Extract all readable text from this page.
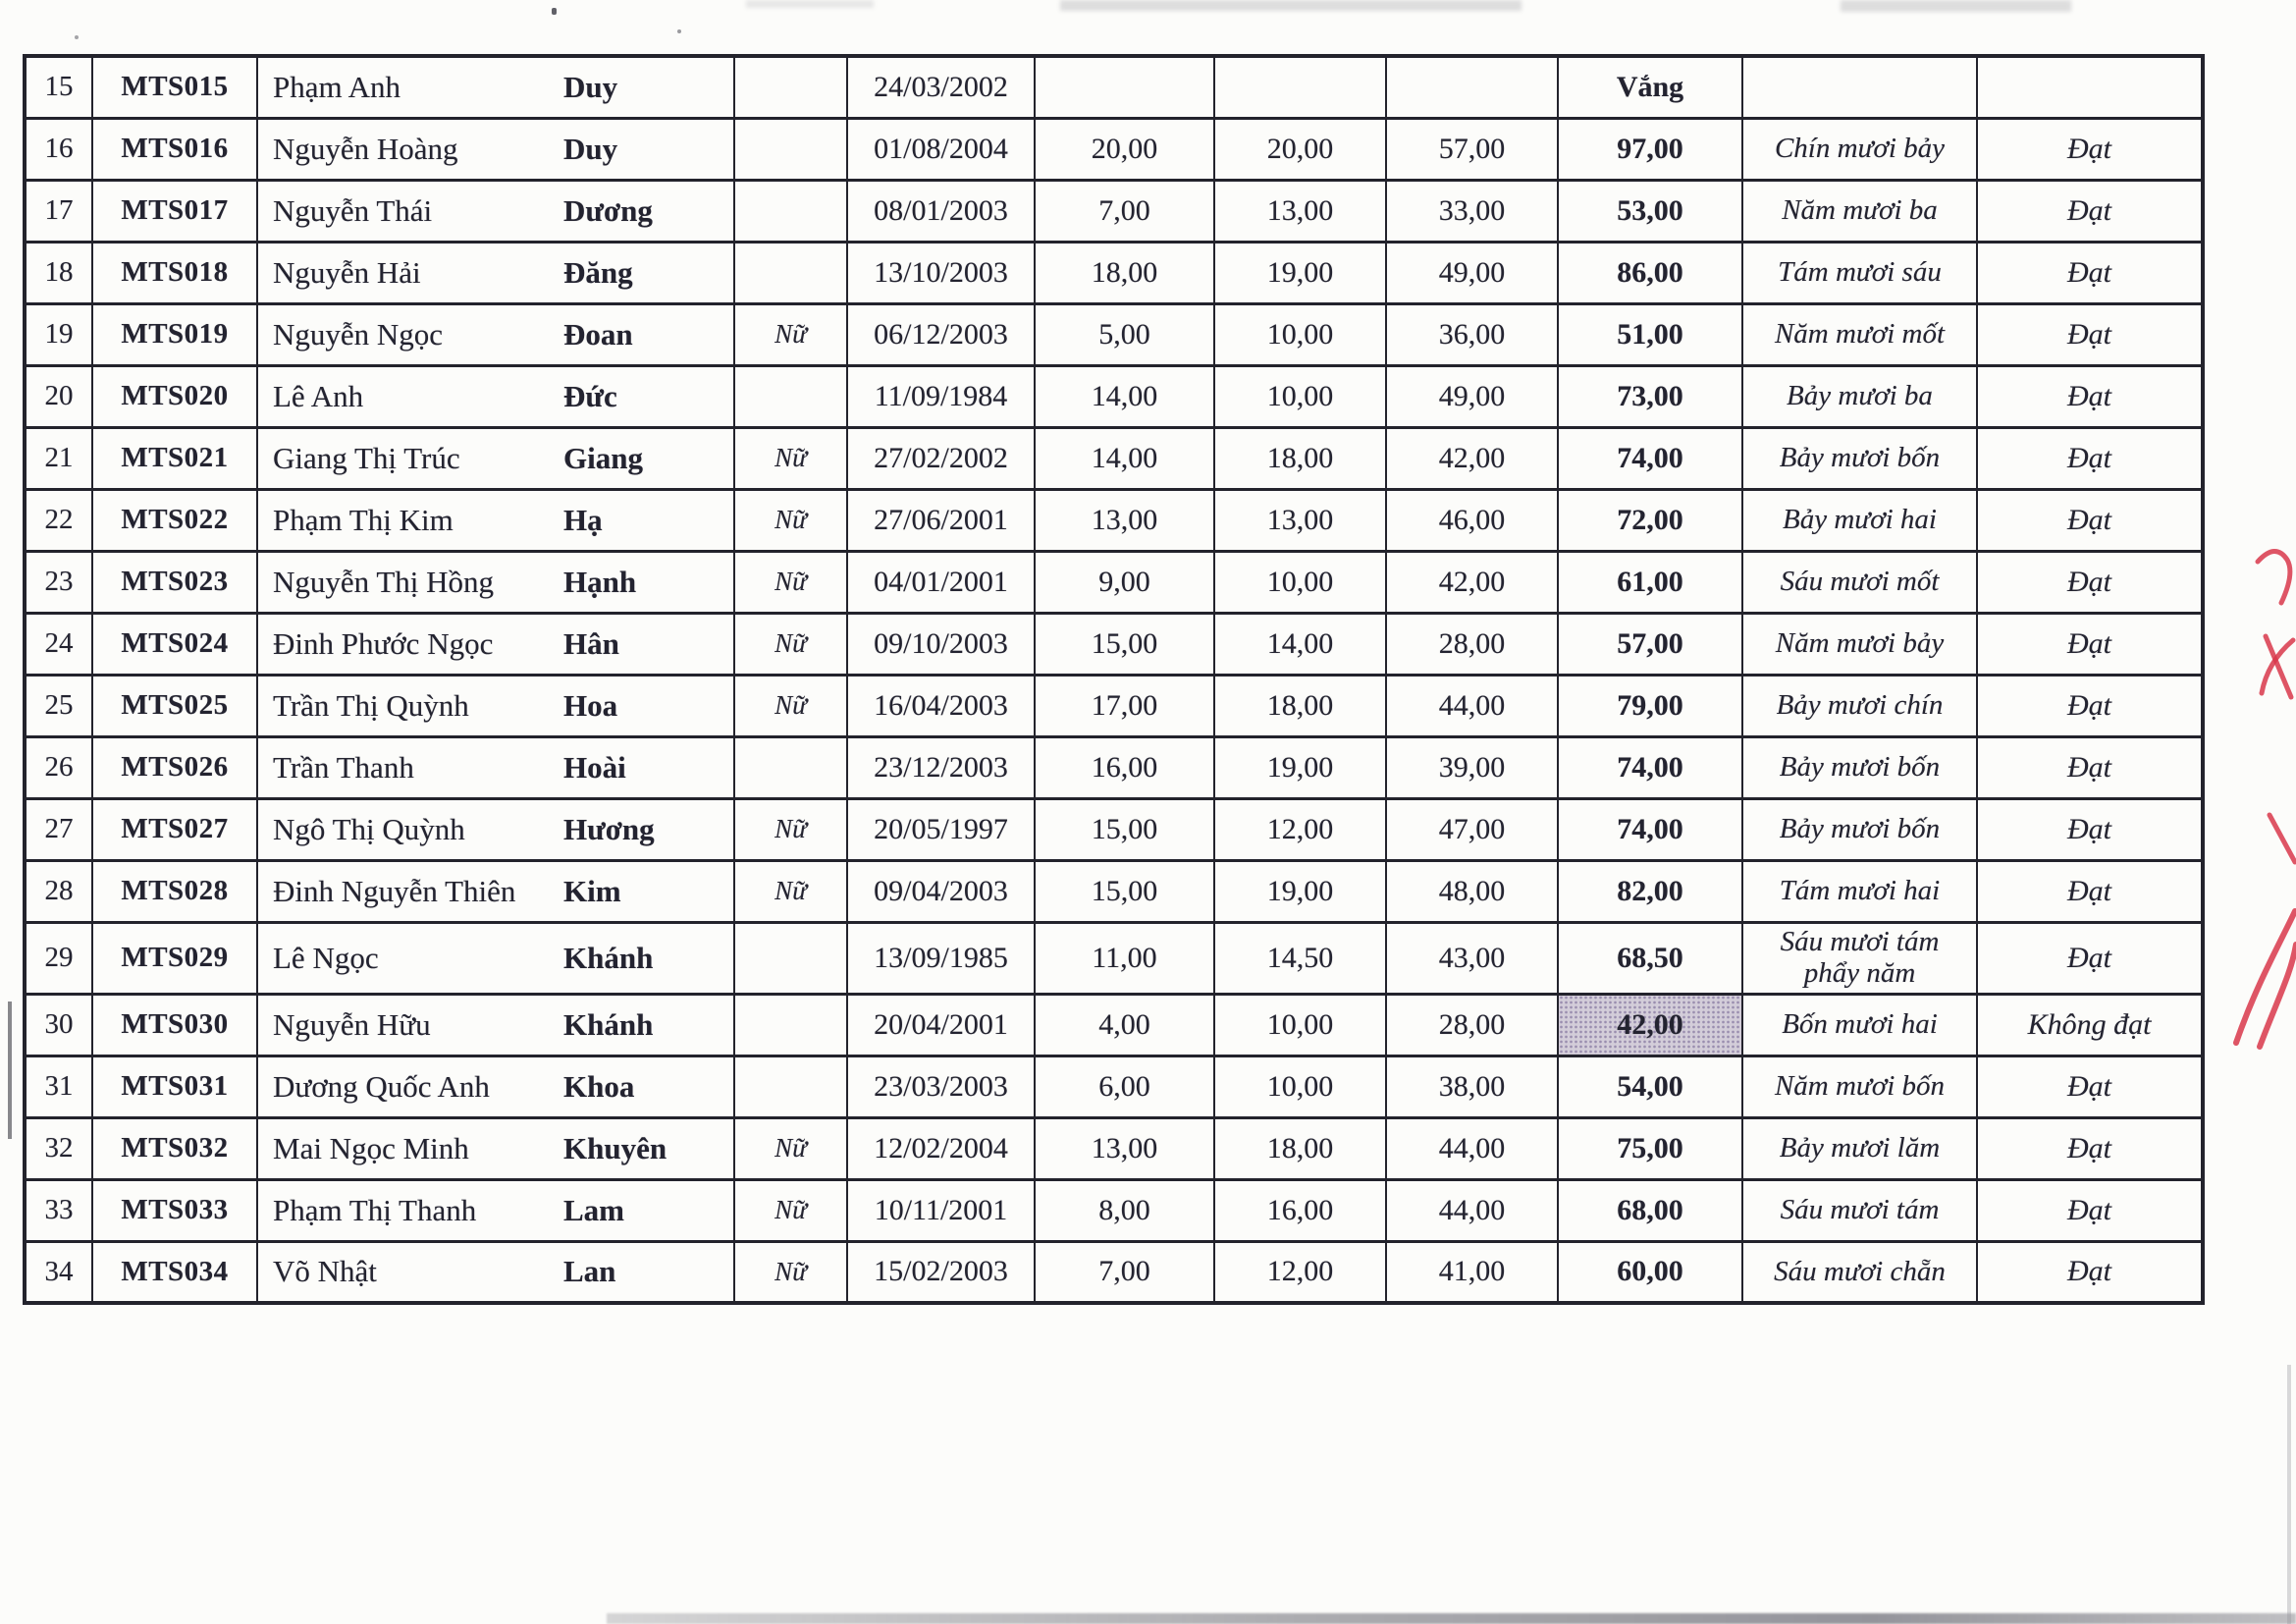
15	MTS015	Phạm Anh Duy		24/03/2002				Vắng		
16	MTS016	Nguyễn Hoàng Duy		01/08/2004	20,00	20,00	57,00	97,00	Chín mươi bảy	Đạt
17	MTS017	Nguyễn Thái Dương		08/01/2003	7,00	13,00	33,00	53,00	Năm mươi ba	Đạt
18	MTS018	Nguyễn Hải Đăng		13/10/2003	18,00	19,00	49,00	86,00	Tám mươi sáu	Đạt
19	MTS019	Nguyễn Ngọc Đoan	Nữ	06/12/2003	5,00	10,00	36,00	51,00	Năm mươi mốt	Đạt
20	MTS020	Lê Anh Đức		11/09/1984	14,00	10,00	49,00	73,00	Bảy mươi ba	Đạt
21	MTS021	Giang Thị Trúc Giang	Nữ	27/02/2002	14,00	18,00	42,00	74,00	Bảy mươi bốn	Đạt
22	MTS022	Phạm Thị Kim Hạ	Nữ	27/06/2001	13,00	13,00	46,00	72,00	Bảy mươi hai	Đạt
23	MTS023	Nguyễn Thị Hồng Hạnh	Nữ	04/01/2001	9,00	10,00	42,00	61,00	Sáu mươi mốt	Đạt
24	MTS024	Đinh Phước Ngọc Hân	Nữ	09/10/2003	15,00	14,00	28,00	57,00	Năm mươi bảy	Đạt
25	MTS025	Trần Thị Quỳnh Hoa	Nữ	16/04/2003	17,00	18,00	44,00	79,00	Bảy mươi chín	Đạt
26	MTS026	Trần Thanh Hoài		23/12/2003	16,00	19,00	39,00	74,00	Bảy mươi bốn	Đạt
27	MTS027	Ngô Thị Quỳnh Hương	Nữ	20/05/1997	15,00	12,00	47,00	74,00	Bảy mươi bốn	Đạt
28	MTS028	Đinh Nguyễn Thiên Kim	Nữ	09/04/2003	15,00	19,00	48,00	82,00	Tám mươi hai	Đạt
29	MTS029	Lê Ngọc Khánh		13/09/1985	11,00	14,50	43,00	68,50	Sáu mươi tám phẩy năm	Đạt
30	MTS030	Nguyễn Hữu Khánh		20/04/2001	4,00	10,00	28,00	42,00	Bốn mươi hai	Không đạt
31	MTS031	Dương Quốc Anh Khoa		23/03/2003	6,00	10,00	38,00	54,00	Năm mươi bốn	Đạt
32	MTS032	Mai Ngọc Minh Khuyên	Nữ	12/02/2004	13,00	18,00	44,00	75,00	Bảy mươi lăm	Đạt
33	MTS033	Phạm Thị Thanh Lam	Nữ	10/11/2001	8,00	16,00	44,00	68,00	Sáu mươi tám	Đạt
34	MTS034	Võ Nhật Lan	Nữ	15/02/2003	7,00	12,00	41,00	60,00	Sáu mươi chẵn	Đạt
